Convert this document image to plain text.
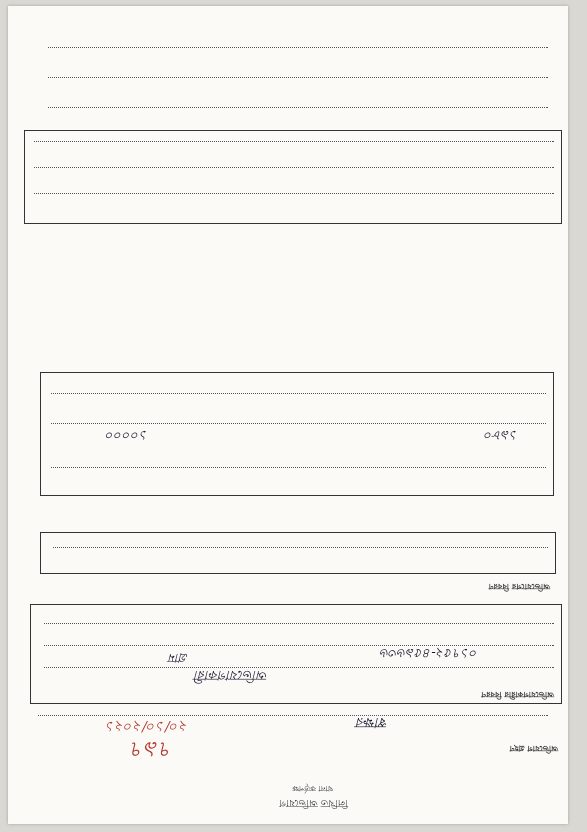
লিখিত অভিযোগ
থানা কর্তৃপক্ষ
অভিযোগ গ্রহণ
৭৯৭
২০/১০/২০২১	স্বাক্ষর
অভিযোগকারীর বিবরণ
অভিযোগকারী
০১৭৫২-৪৫৯৬৩৬
গ্রাম
অভিযোগের বিবরণ
১৯৮০
১০০০০
